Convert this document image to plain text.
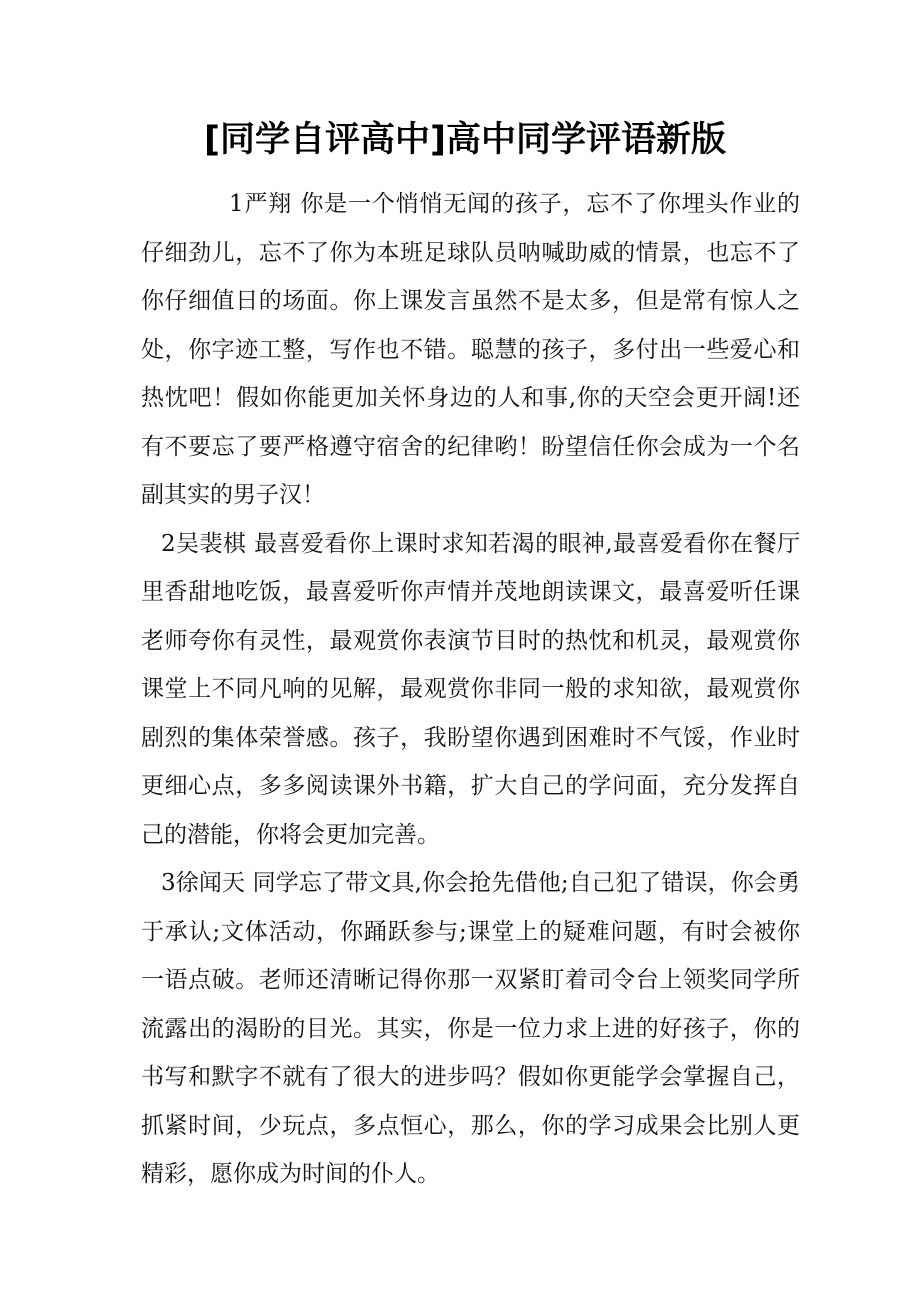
[同学自评高中]高中同学评语新版

1严翔 你是一个悄悄无闻的孩子，忘不了你埋头作业的仔细劲儿，忘不了你为本班足球队员呐喊助威的情景，也忘不了你仔细值日的场面。你上课发言虽然不是太多，但是常有惊人之处，你字迹工整，写作也不错。聪慧的孩子，多付出一些爱心和热忱吧！假如你能更加关怀身边的人和事,你的天空会更开阔!还有不要忘了要严格遵守宿舍的纪律哟！盼望信任你会成为一个名副其实的男子汉！

2吴裴棋 最喜爱看你上课时求知若渴的眼神,最喜爱看你在餐厅里香甜地吃饭，最喜爱听你声情并茂地朗读课文，最喜爱听任课老师夸你有灵性，最观赏你表演节目时的热忱和机灵，最观赏你课堂上不同凡响的见解，最观赏你非同一般的求知欲，最观赏你剧烈的集体荣誉感。孩子，我盼望你遇到困难时不气馁，作业时更细心点，多多阅读课外书籍，扩大自己的学问面，充分发挥自己的潜能，你将会更加完善。

3徐闻天 同学忘了带文具,你会抢先借他;自己犯了错误，你会勇于承认;文体活动，你踊跃参与;课堂上的疑难问题，有时会被你一语点破。老师还清晰记得你那一双紧盯着司令台上领奖同学所流露出的渴盼的目光。其实，你是一位力求上进的好孩子，你的书写和默字不就有了很大的进步吗？假如你更能学会掌握自己，抓紧时间，少玩点，多点恒心，那么，你的学习成果会比别人更精彩，愿你成为时间的仆人。
